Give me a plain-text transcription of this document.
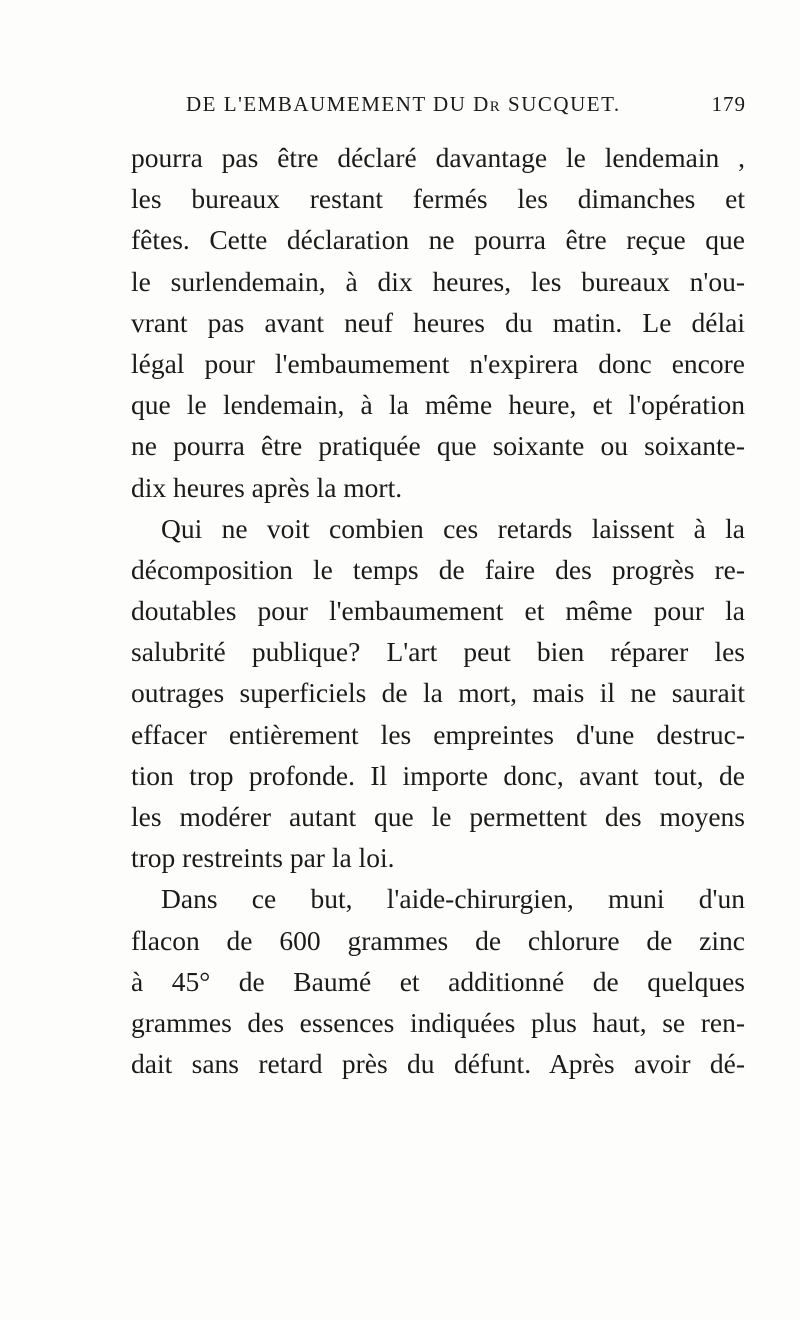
DE L'EMBAUMEMENT DU Dr SUCQUET.	179
pourra pas être déclaré davantage le lendemain ,
les bureaux restant fermés les dimanches et
fêtes. Cette déclaration ne pourra être reçue que
le surlendemain, à dix heures, les bureaux n'ou-
vrant pas avant neuf heures du matin. Le délai
légal pour l'embaumement n'expirera donc encore
que le lendemain, à la même heure, et l'opération
ne pourra être pratiquée que soixante ou soixante-
dix heures après la mort.
Qui ne voit combien ces retards laissent à la
décomposition le temps de faire des progrès re-
doutables pour l'embaumement et même pour la
salubrité publique? L'art peut bien réparer les
outrages superficiels de la mort, mais il ne saurait
effacer entièrement les empreintes d'une destruc-
tion trop profonde. Il importe donc, avant tout, de
les modérer autant que le permettent des moyens
trop restreints par la loi.
Dans ce but, l'aide-chirurgien, muni d'un
flacon de 600 grammes de chlorure de zinc
à 45° de Baumé et additionné de quelques
grammes des essences indiquées plus haut, se ren-
dait sans retard près du défunt. Après avoir dé-
